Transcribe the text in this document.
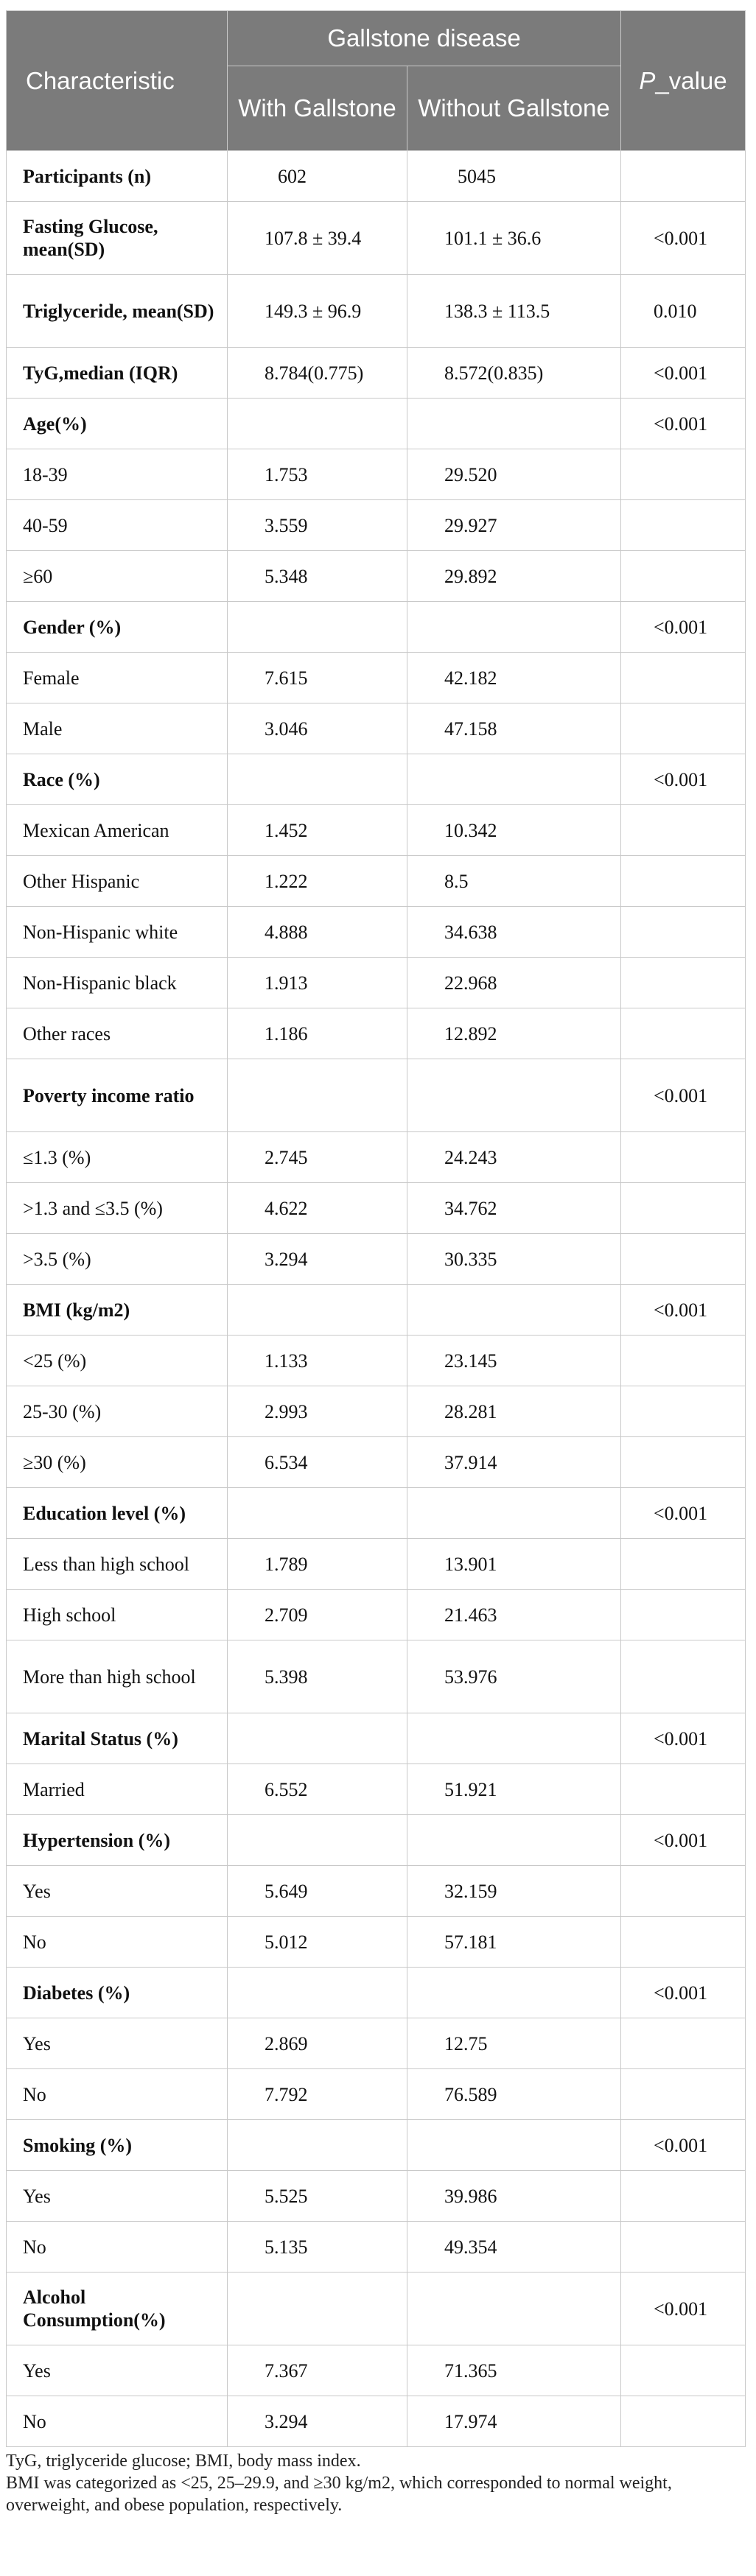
Characteristic	Gallstone disease		P_value
	With Gallstone	Without Gallstone	
Participants (n)	602	5045	
Fasting Glucose, mean(SD)	107.8 ± 39.4	101.1 ± 36.6	<0.001
Triglyceride, mean(SD)	149.3 ± 96.9	138.3 ± 113.5	0.010
TyG,median (IQR)	8.784(0.775)	8.572(0.835)	<0.001
Age(%)			<0.001
18-39	1.753	29.520	
40-59	3.559	29.927	
≥60	5.348	29.892	
Gender (%)			<0.001
Female	7.615	42.182	
Male	3.046	47.158	
Race (%)			<0.001
Mexican American	1.452	10.342	
Other Hispanic	1.222	8.5	
Non-Hispanic white	4.888	34.638	
Non-Hispanic black	1.913	22.968	
Other races	1.186	12.892	
Poverty income ratio			<0.001
≤1.3 (%)	2.745	24.243	
>1.3 and ≤3.5 (%)	4.622	34.762	
>3.5 (%)	3.294	30.335	
BMI (kg/m2)			<0.001
<25 (%)	1.133	23.145	
25-30 (%)	2.993	28.281	
≥30 (%)	6.534	37.914	
Education level (%)			<0.001
Less than high school	1.789	13.901	
High school	2.709	21.463	
More than high school	5.398	53.976	
Marital Status (%)			<0.001
Married	6.552	51.921	
Hypertension (%)			<0.001
Yes	5.649	32.159	
No	5.012	57.181	
Diabetes (%)			<0.001
Yes	2.869	12.75	
No	7.792	76.589	
Smoking (%)			<0.001
Yes	5.525	39.986	
No	5.135	49.354	
Alcohol Consumption(%)			<0.001
Yes	7.367	71.365	
No	3.294	17.974	
TyG, triglyceride glucose; BMI, body mass index.
BMI was categorized as <25, 25–29.9, and ≥30 kg/m2, which corresponded to normal weight, overweight, and obese population, respectively.
